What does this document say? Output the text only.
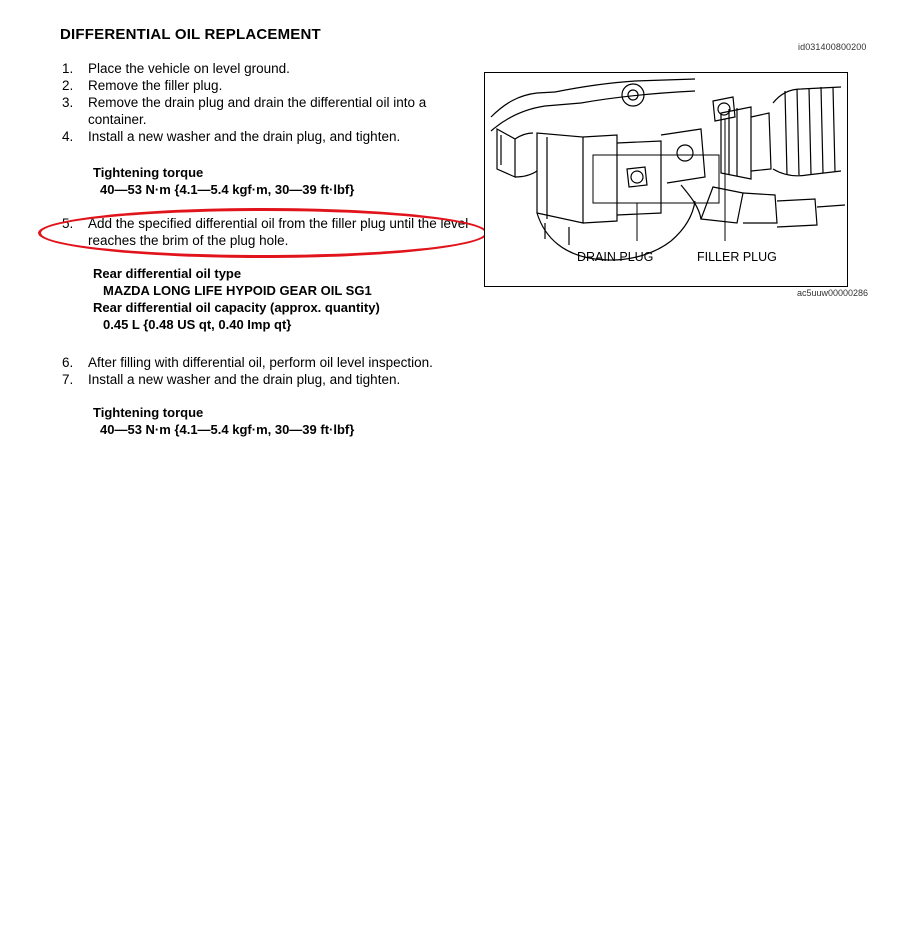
DIFFERENTIAL OIL REPLACEMENT
id031400800200
1.	Place the vehicle on level ground.
2.	Remove the filler plug.
3.	Remove the drain plug and drain the differential oil into a container.
4.	Install a new washer and the drain plug, and tighten.
Tightening torque
40—53 N·m {4.1—5.4 kgf·m, 30—39 ft·lbf}
5.	Add the specified differential oil from the filler plug until the level reaches the brim of the plug hole.
Rear differential oil type
MAZDA LONG LIFE HYPOID GEAR OIL SG1
Rear differential oil capacity (approx. quantity)
0.45 L {0.48 US qt, 0.40 Imp qt}
6.	After filling with differential oil, perform oil level inspection.
7.	Install a new washer and the drain plug, and tighten.
Tightening torque
40—53 N·m {4.1—5.4 kgf·m, 30—39 ft·lbf}
DRAIN PLUG	FILLER PLUG
ac5uuw00000286
